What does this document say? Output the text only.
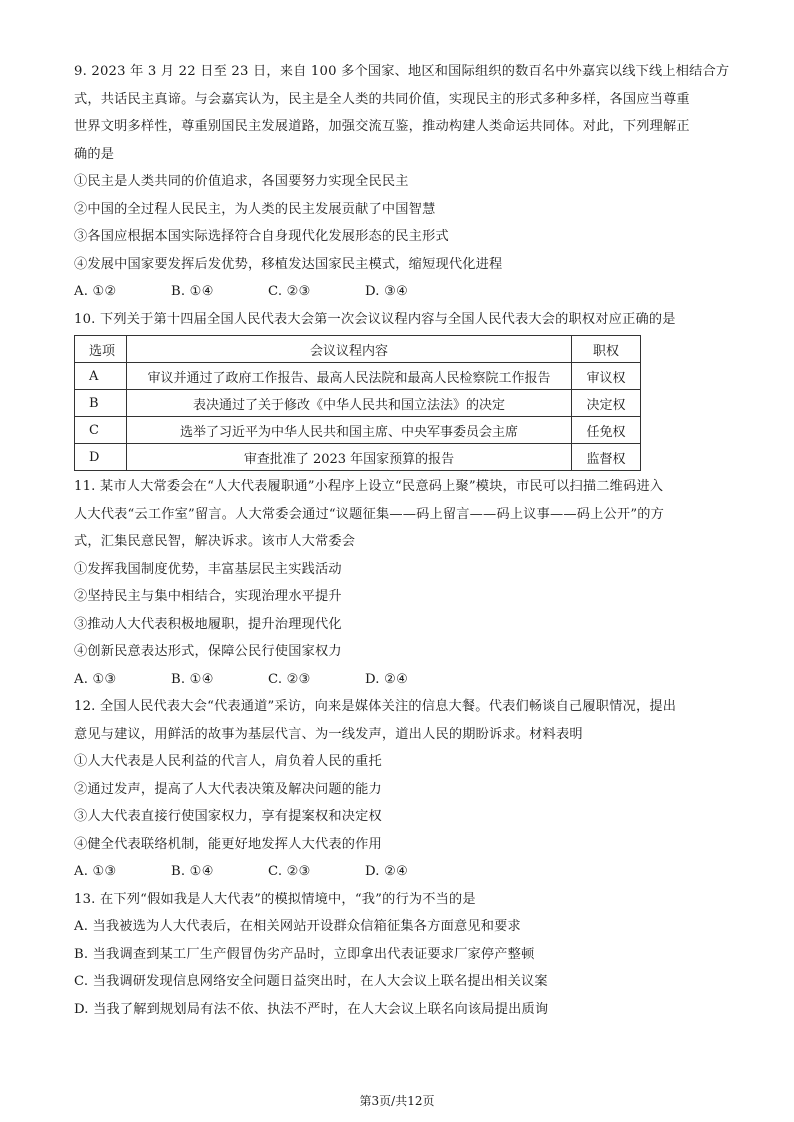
9. 2023 年 3 月 22 日至 23 日，来自 100 多个国家、地区和国际组织的数百名中外嘉宾以线下线上相结合方
式，共话民主真谛。与会嘉宾认为，民主是全人类的共同价值，实现民主的形式多种多样，各国应当尊重
世界文明多样性，尊重别国民主发展道路，加强交流互鉴，推动构建人类命运共同体。对此，下列理解正
确的是
①民主是人类共同的价值追求，各国要努力实现全民民主
②中国的全过程人民民主，为人类的民主发展贡献了中国智慧
③各国应根据本国实际选择符合自身现代化发展形态的民主形式
④发展中国家要发挥后发优势，移植发达国家民主模式，缩短现代化进程
A. ①②	B. ①④	C. ②③	D. ③④
10. 下列关于第十四届全国人民代表大会第一次会议议程内容与全国人民代表大会的职权对应正确的是
选项	会议议程内容	职权
A	审议并通过了政府工作报告、最高人民法院和最高人民检察院工作报告	审议权
B	表决通过了关于修改《中华人民共和国立法法》的决定	决定权
C	选举了习近平为中华人民共和国主席、中央军事委员会主席	任免权
D	审查批准了 2023 年国家预算的报告	监督权
11. 某市人大常委会在“人大代表履职通”小程序上设立“民意码上聚”模块，市民可以扫描二维码进入
人大代表“云工作室”留言。人大常委会通过“议题征集——码上留言——码上议事——码上公开”的方
式，汇集民意民智，解决诉求。该市人大常委会
①发挥我国制度优势，丰富基层民主实践活动
②坚持民主与集中相结合，实现治理水平提升
③推动人大代表积极地履职，提升治理现代化
④创新民意表达形式，保障公民行使国家权力
A. ①③	B. ①④	C. ②③	D. ②④
12. 全国人民代表大会“代表通道”采访，向来是媒体关注的信息大餐。代表们畅谈自己履职情况，提出
意见与建议，用鲜活的故事为基层代言、为一线发声，道出人民的期盼诉求。材料表明
①人大代表是人民利益的代言人，肩负着人民的重托
②通过发声，提高了人大代表决策及解决问题的能力
③人大代表直接行使国家权力，享有提案权和决定权
④健全代表联络机制，能更好地发挥人大代表的作用
A. ①③	B. ①④	C. ②③	D. ②④
13. 在下列“假如我是人大代表”的模拟情境中，“我”的行为不当的是
A. 当我被选为人大代表后，在相关网站开设群众信箱征集各方面意见和要求
B. 当我调查到某工厂生产假冒伪劣产品时，立即拿出代表证要求厂家停产整顿
C. 当我调研发现信息网络安全问题日益突出时，在人大会议上联名提出相关议案
D. 当我了解到规划局有法不依、执法不严时，在人大会议上联名向该局提出质询
第3页/共12页
